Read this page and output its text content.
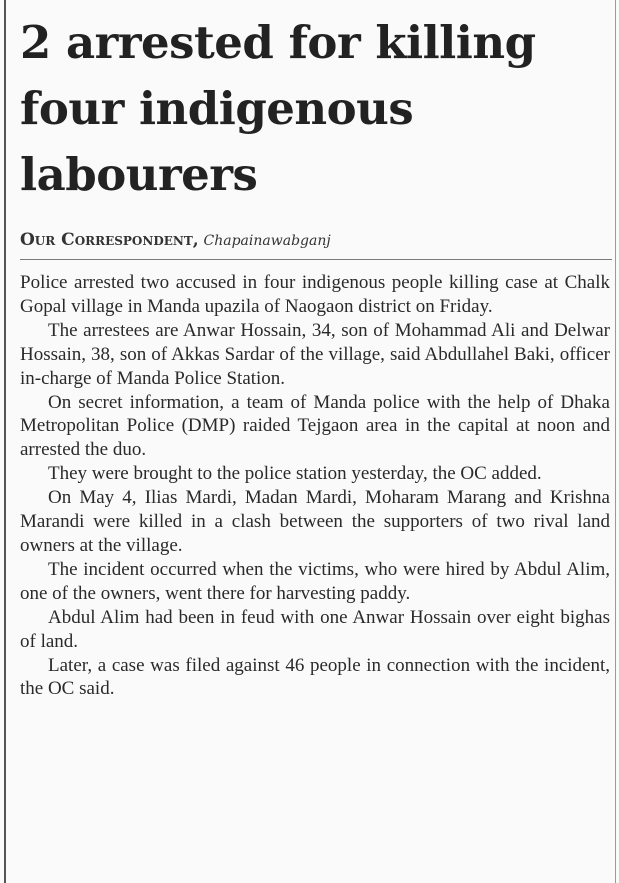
2 arrested for killing
four indigenous
labourers
Our Correspondent, Chapainawabganj

Police arrested two accused in four indigenous people killing case at Chalk Gopal village in Manda upazila of Naogaon district on Friday.

The arrestees are Anwar Hossain, 34, son of Mohammad Ali and Delwar Hossain, 38, son of Akkas Sardar of the village, said Abdullahel Baki, officer in-charge of Manda Police Station.

On secret information, a team of Manda police with the help of Dhaka Metropolitan Police (DMP) raided Tejgaon area in the capital at noon and arrested the duo.

They were brought to the police station yesterday, the OC added.

On May 4, Ilias Mardi, Madan Mardi, Moharam Marang and Krishna Marandi were killed in a clash between the supporters of two rival land owners at the village.

The incident occurred when the victims, who were hired by Abdul Alim, one of the owners, went there for harvesting paddy.

Abdul Alim had been in feud with one Anwar Hossain over eight bighas of land.

Later, a case was filed against 46 people in connection with the incident, the OC said.
